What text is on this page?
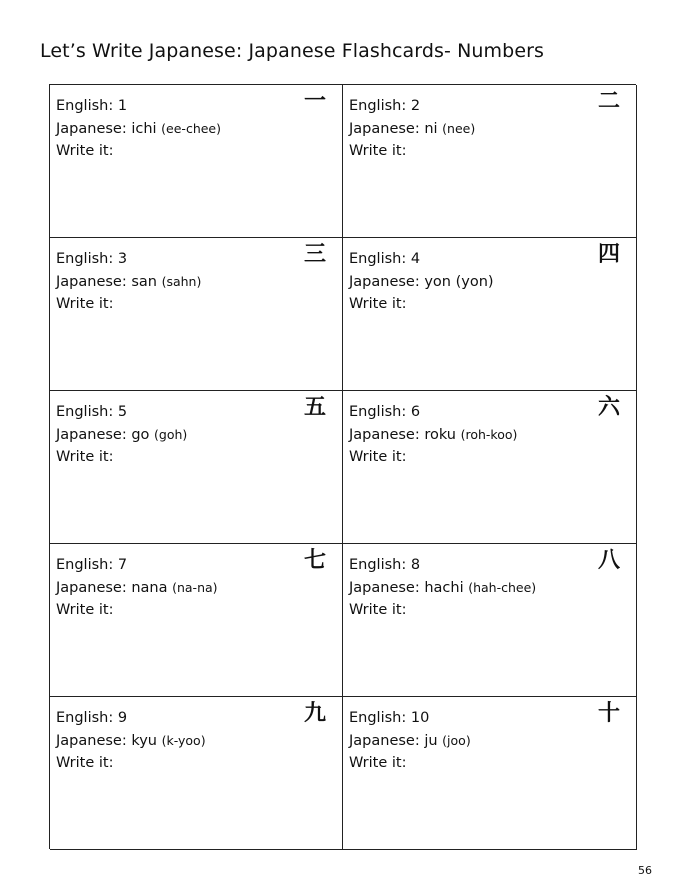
Let’s Write Japanese: Japanese Flashcards- Numbers
English: 1
Japanese: ichi (ee-chee)
Write it:
一 English: 2
Japanese: ni (nee)
Write it:
二
English: 3
Japanese: san (sahn)
Write it:
三 English: 4
Japanese: yon (yon)
Write it:
四
English: 5
Japanese: go (goh)
Write it:
五 English: 6
Japanese: roku (roh-koo)
Write it:
六
English: 7
Japanese: nana (na-na)
Write it:
七 English: 8
Japanese: hachi (hah-chee)
Write it:
八
English: 9
Japanese: kyu (k-yoo)
Write it:
九 English: 10
Japanese: ju (joo)
Write it:
十
56
